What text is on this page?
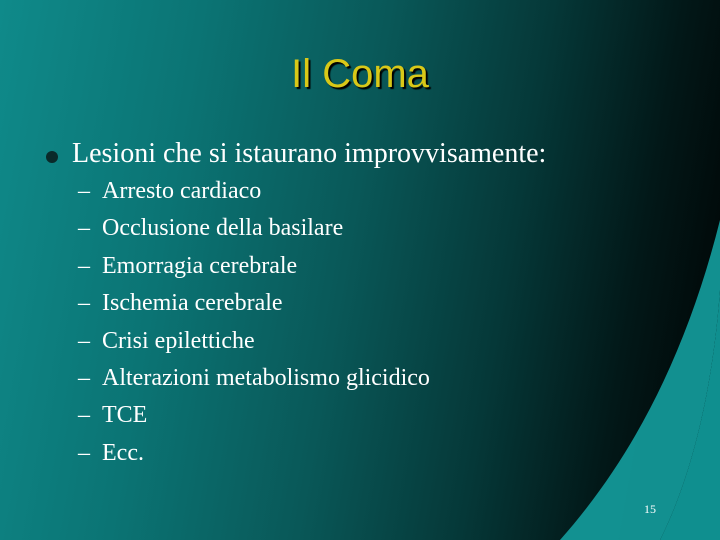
Il Coma
Lesioni che si istaurano improvvisamente:
– Arresto cardiaco
– Occlusione della basilare
– Emorragia cerebrale
– Ischemia cerebrale
– Crisi epilettiche
– Alterazioni metabolismo glicidico
– TCE
– Ecc.
15
